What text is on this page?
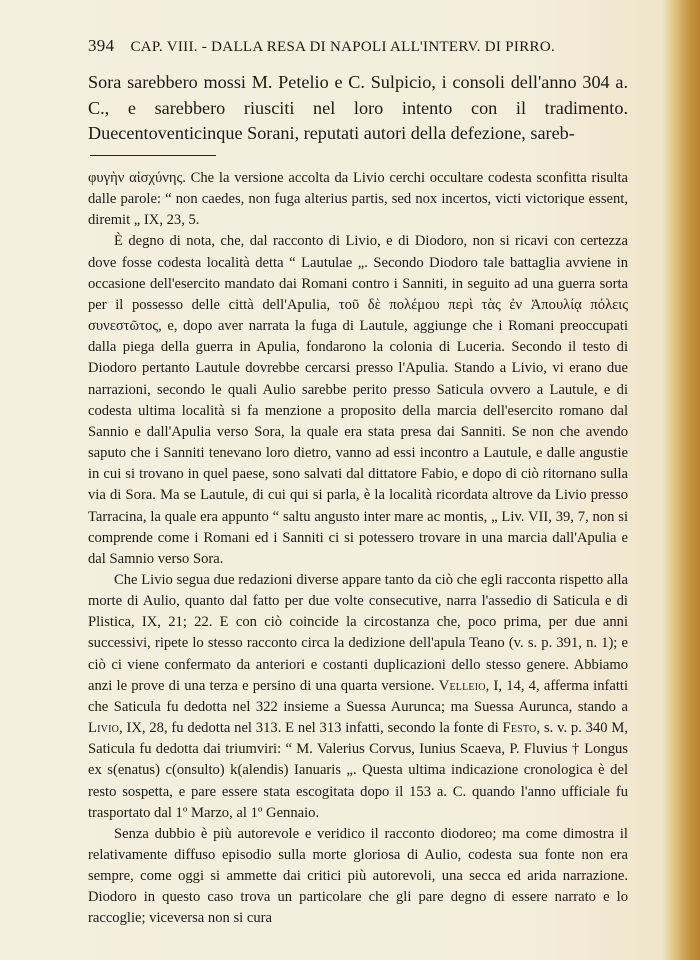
394 CAP. VIII. - DALLA RESA DI NAPOLI ALL'INTERV. DI PIRRO.
Sora sarebbero mossi M. Petelio e C. Sulpicio, i consoli dell'anno 304 a. C., e sarebbero riusciti nel loro intento con il tradimento. Duecentoventicinque Sorani, reputati autori della defezione, sareb-

φυγὴν αἰσχύνης. Che la versione accolta da Livio cerchi occultare codesta sconfitta risulta dalle parole: “ non caedes, non fuga alterius partis, sed nox incertos, victi victorique essent, diremit „ IX, 23, 5.

È degno di nota, che, dal racconto di Livio, e di Diodoro, non si ricavi con certezza dove fosse codesta località detta “ Lautulae „. Secondo Diodoro tale battaglia avviene in occasione dell'esercito mandato dai Romani contro i Sanniti, in seguito ad una guerra sorta per il possesso delle città dell'Apulia, τοῦ δὲ πολέμου περὶ τὰς ἐν Ἀπουλίᾳ πόλεις συνεστῶτος, e, dopo aver narrata la fuga di Lautule, aggiunge che i Romani preoccupati dalla piega della guerra in Apulia, fondarono la colonia di Luceria. Secondo il testo di Diodoro pertanto Lautule dovrebbe cercarsi presso l'Apulia. Stando a Livio, vi erano due narrazioni, secondo le quali Aulio sarebbe perito presso Saticula ovvero a Lautule, e di codesta ultima località si fa menzione a proposito della marcia dell'esercito romano dal Sannio e dall'Apulia verso Sora, la quale era stata presa dai Sanniti. Se non che avendo saputo che i Sanniti tenevano loro dietro, vanno ad essi incontro a Lautule, e dalle angustie in cui si trovano in quel paese, sono salvati dal dittatore Fabio, e dopo di ciò ritornano sulla via di Sora. Ma se Lautule, di cui qui si parla, è la località ricordata altrove da Livio presso Tarracina, la quale era appunto “ saltu angusto inter mare ac montis, „ Liv. VII, 39, 7, non si comprende come i Romani ed i Sanniti ci si potessero trovare in una marcia dall'Apulia e dal Samnio verso Sora.

Che Livio segua due redazioni diverse appare tanto da ciò che egli racconta rispetto alla morte di Aulio, quanto dal fatto per due volte consecutive, narra l'assedio di Saticula e di Plistica, IX, 21; 22. E con ciò coincide la circostanza che, poco prima, per due anni successivi, ripete lo stesso racconto circa la dedizione dell'apula Teano (v. s. p. 391, n. 1); e ciò ci viene confermato da anteriori e costanti duplicazioni dello stesso genere. Abbiamo anzi le prove di una terza e persino di una quarta versione. Velleio, I, 14, 4, afferma infatti che Saticula fu dedotta nel 322 insieme a Suessa Aurunca; ma Suessa Aurunca, stando a Livio, IX, 28, fu dedotta nel 313. E nel 313 infatti, secondo la fonte di Festo, s. v. p. 340 M, Saticula fu dedotta dai triumviri: “ M. Valerius Corvus, Iunius Scaeva, P. Fluvius † Longus ex s(enatus) c(onsulto) k(alendis) Ianuaris „. Questa ultima indicazione cronologica è del resto sospetta, e pare essere stata escogitata dopo il 153 a. C. quando l'anno ufficiale fu trasportato dal 1º Marzo, al 1º Gennaio.

Senza dubbio è più autorevole e veridico il racconto diodoreo; ma come dimostra il relativamente diffuso episodio sulla morte gloriosa di Aulio, codesta sua fonte non era sempre, come oggi si ammette dai critici più autorevoli, una secca ed arida narrazione. Diodoro in questo caso trova un particolare che gli pare degno di essere narrato e lo raccoglie; viceversa non si cura
